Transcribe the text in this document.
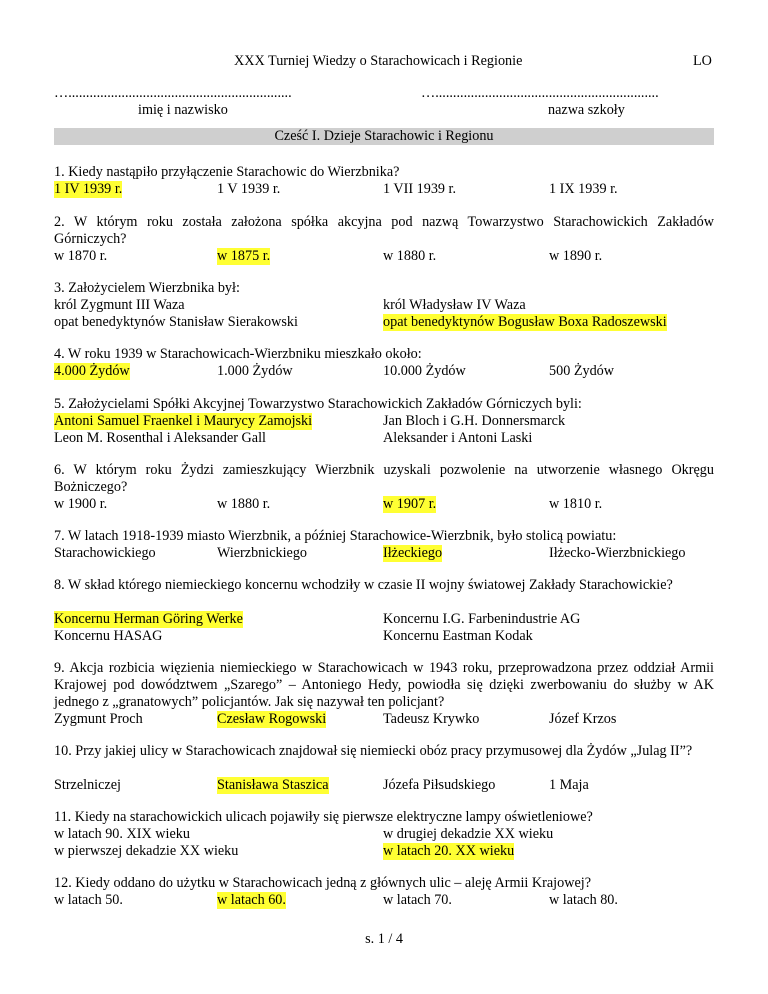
XXX Turniej Wiedzy o Starachowicach i Regionie	LO
…...............................................................
imię i nazwisko
…...............................................................
nazwa szkoły
Cześć I. Dzieje Starachowic i Regionu
1. Kiedy nastąpiło przyłączenie Starachowic do Wierzbnika?
1 IV 1939 r.	1 V 1939 r.	1 VII 1939 r.	1 IX 1939 r.
2. W którym roku została założona spółka akcyjna pod nazwą Towarzystwo Starachowickich Zakładów Górniczych?
w 1870 r.	w 1875 r.	w 1880 r.	w 1890 r.
3. Założycielem Wierzbnika był:
król Zygmunt III Waza	król Władysław IV Waza
opat benedyktynów Stanisław Sierakowski	opat benedyktynów Bogusław Boxa Radoszewski
4. W roku 1939 w Starachowicach-Wierzbniku mieszkało około:
4.000 Żydów	1.000 Żydów	10.000 Żydów	500 Żydów
5. Założycielami Spółki Akcyjnej Towarzystwo Starachowickich Zakładów Górniczych byli:
Antoni Samuel Fraenkel i Maurycy Zamojski	Jan Bloch i G.H. Donnersmarck
Leon M. Rosenthal i Aleksander Gall	Aleksander i Antoni Laski
6. W którym roku Żydzi zamieszkujący Wierzbnik uzyskali pozwolenie na utworzenie własnego Okręgu Bożniczego?
w 1900 r.	w 1880 r.	w 1907 r.	w 1810 r.
7. W latach 1918-1939 miasto Wierzbnik, a później Starachowice-Wierzbnik, było stolicą powiatu:
Starachowickiego	Wierzbnickiego	Iłżeckiego	Iłżecko-Wierzbnickiego
8. W skład którego niemieckiego koncernu wchodziły w czasie II wojny światowej Zakłady Starachowickie?
Koncernu Herman Göring Werke	Koncernu I.G. Farbenindustrie AG
Koncernu HASAG	Koncernu Eastman Kodak
9. Akcja rozbicia więzienia niemieckiego w Starachowicach w 1943 roku, przeprowadzona przez oddział Armii Krajowej pod dowództwem „Szarego” – Antoniego Hedy, powiodła się dzięki zwerbowaniu do służby w AK jednego z „granatowych” policjantów. Jak się nazywał ten policjant?
Zygmunt Proch	Czesław Rogowski	Tadeusz Krywko	Józef Krzos
10. Przy jakiej ulicy w Starachowicach znajdował się niemiecki obóz pracy przymusowej dla Żydów „Julag II”?
Strzelniczej	Stanisława Staszica	Józefa Piłsudskiego	1 Maja
11. Kiedy na starachowickich ulicach pojawiły się pierwsze elektryczne lampy oświetleniowe?
w latach 90. XIX wieku	w drugiej dekadzie XX wieku
w pierwszej dekadzie XX wieku	w latach 20. XX wieku
12. Kiedy oddano do użytku w Starachowicach jedną z głównych ulic – aleję Armii Krajowej?
w latach 50.	w latach 60.	w latach 70.	w latach 80.
s. 1 / 4
